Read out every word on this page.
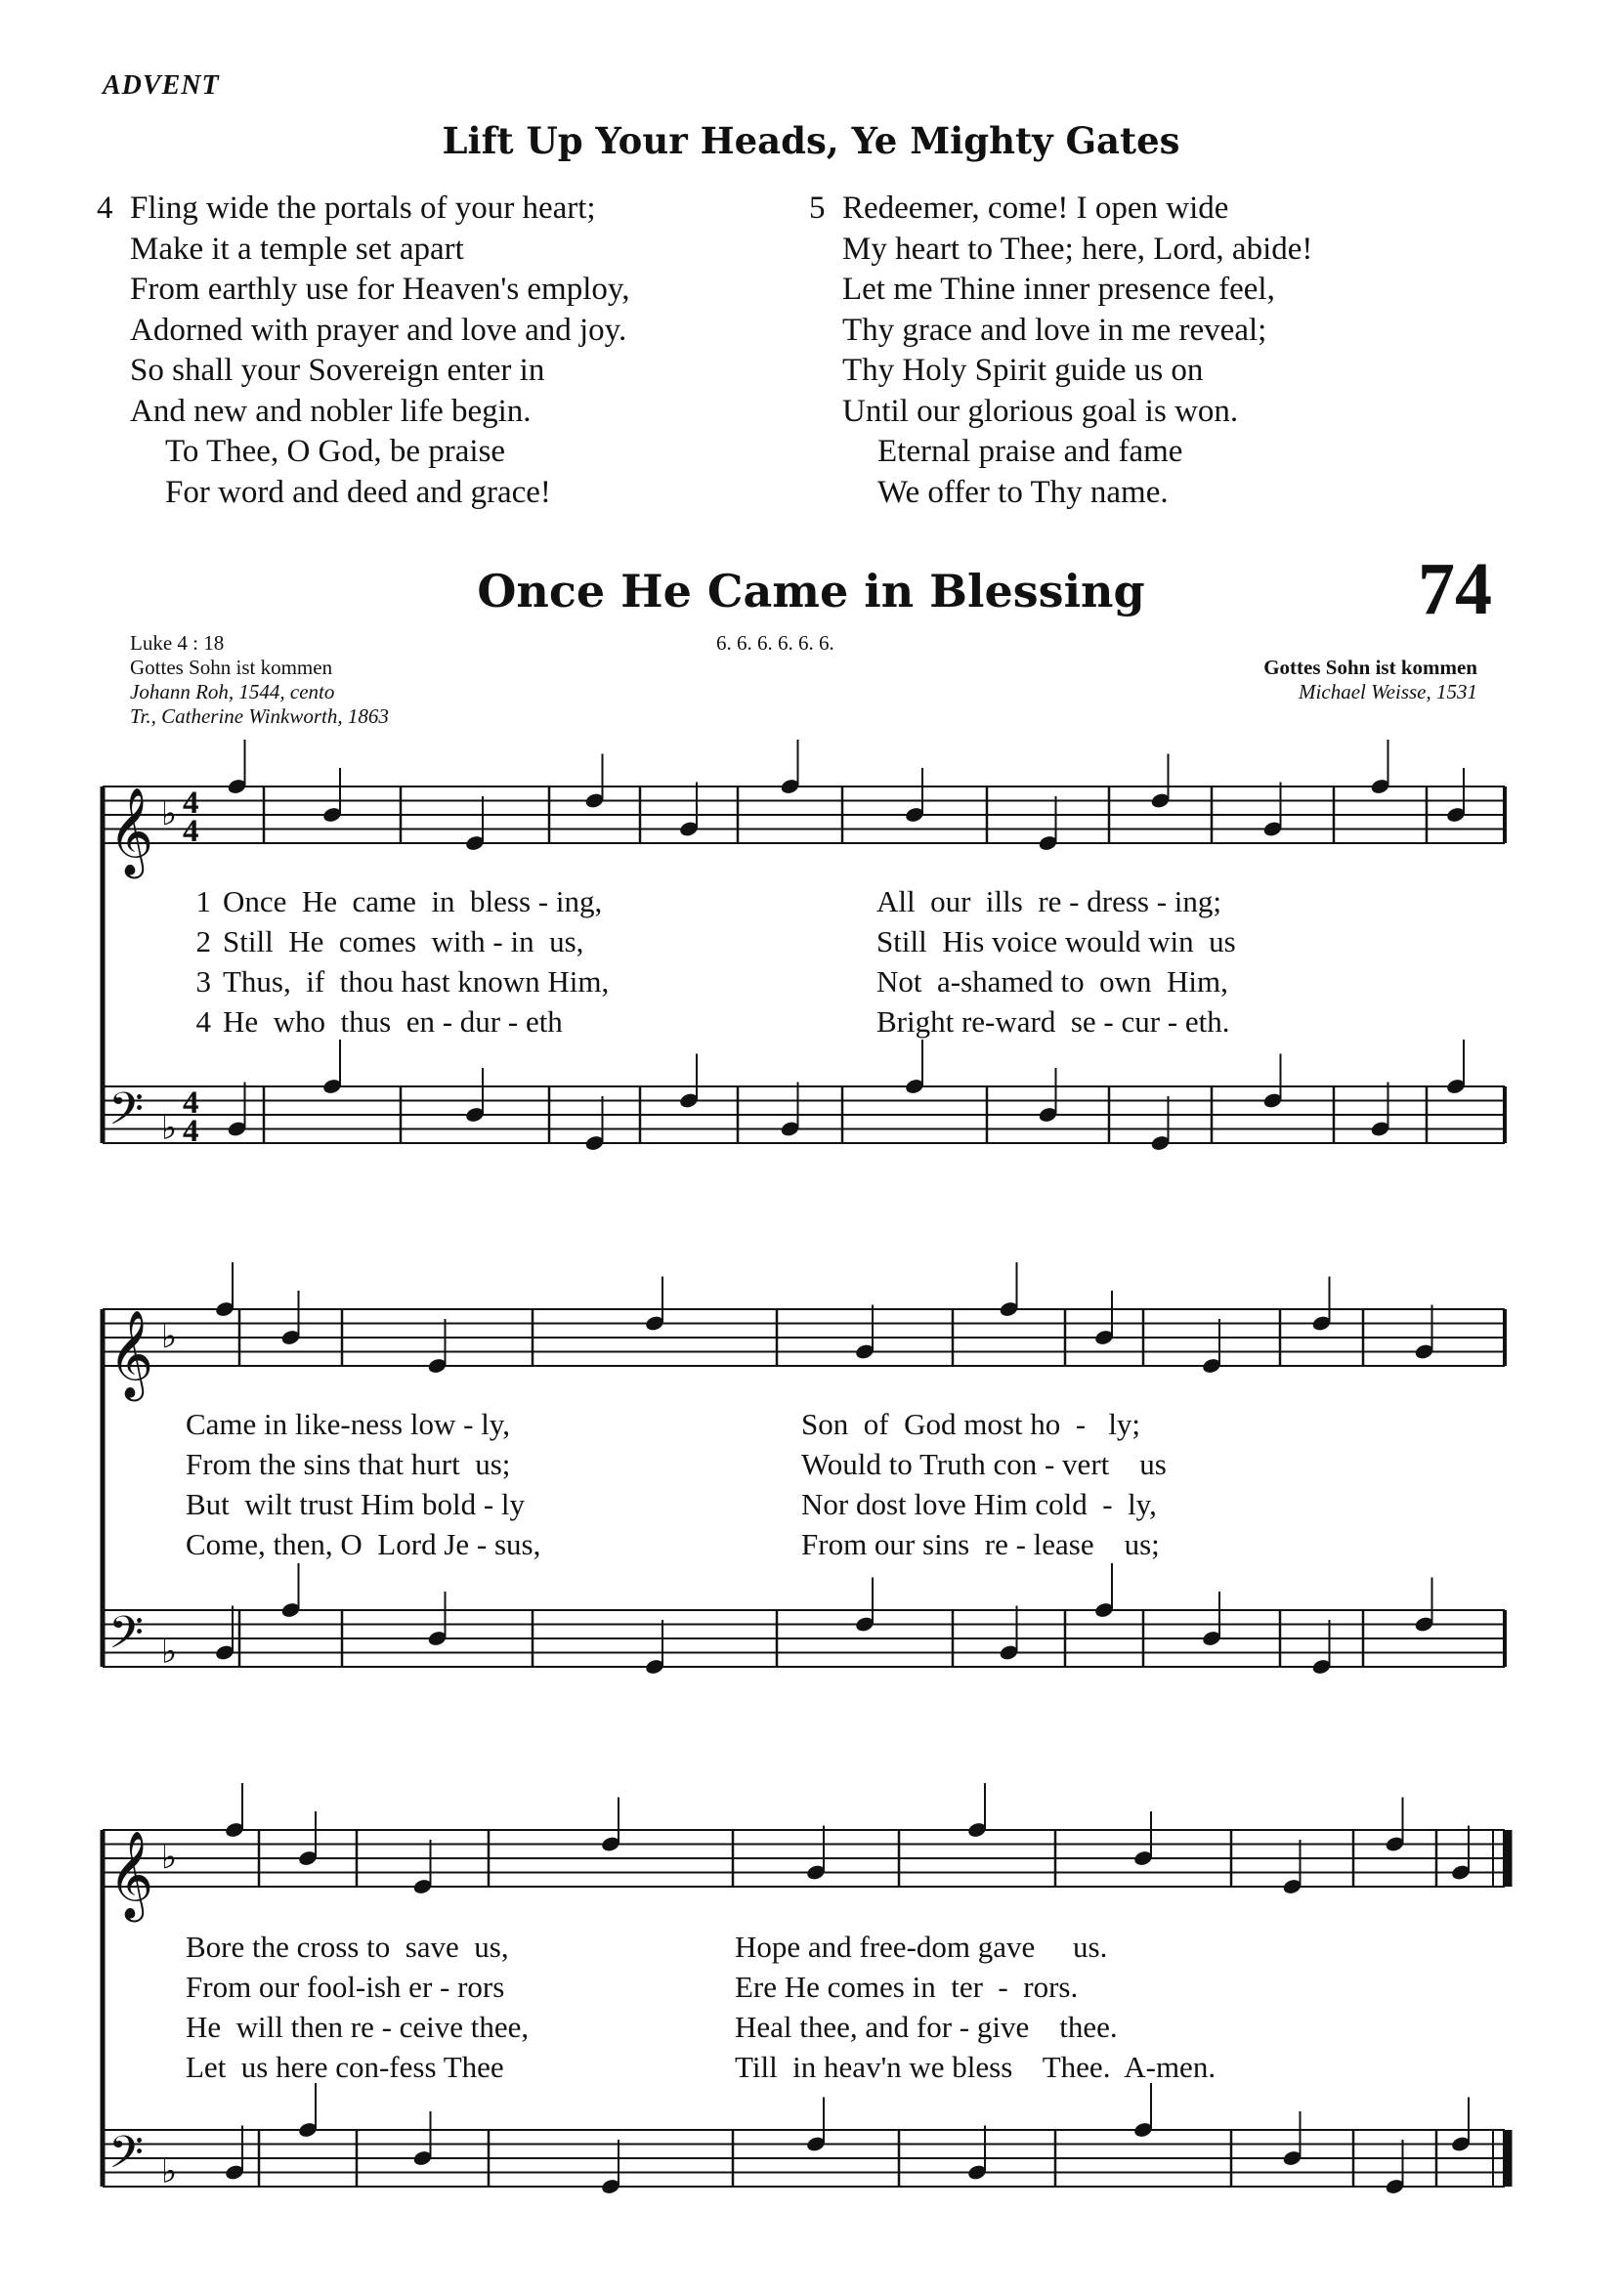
ADVENT
Lift Up Your Heads, Ye Mighty Gates
4 Fling wide the portals of your heart;
Make it a temple set apart
From earthly use for Heaven's employ,
Adorned with prayer and love and joy.
So shall your Sovereign enter in
And new and nobler life begin.
To Thee, O God, be praise
For word and deed and grace!
5 Redeemer, come! I open wide
My heart to Thee; here, Lord, abide!
Let me Thine inner presence feel,
Thy grace and love in me reveal;
Thy Holy Spirit guide us on
Until our glorious goal is won.
Eternal praise and fame
We offer to Thy name.
Once He Came in Blessing	74
Luke 4 : 18
Gottes Sohn ist kommen
Johann Roh, 1544, cento
Tr., Catherine Winkworth, 1863
6. 6. 6. 6. 6. 6.
Gottes Sohn ist kommen
Michael Weisse, 1531
𝄞 ♭ 4
4
𝄢 ♭
4
4
𝄞 ♭
𝄢 ♭
𝄞 ♭
𝄢 ♭
1 Once  He  came  in  bless - ing,
2 Still  He  comes  with - in  us,
3 Thus,  if  thou hast known Him,
4 He  who  thus  en - dur - eth
All  our  ills  re - dress - ing;
Still  His voice would win  us
Not  a-shamed to  own  Him,
Bright re-ward  se - cur - eth.
Came in like-ness low - ly,
From the sins that hurt  us;
But  wilt trust Him bold - ly
Come, then, O  Lord Je - sus,
Son  of  God most ho  -   ly;
Would to Truth con - vert    us
Nor dost love Him cold  -  ly,
From our sins  re - lease    us;
Bore the cross to  save  us,
From our fool-ish er - rors
He  will then re - ceive thee,
Let  us here con-fess Thee
Hope and free-dom gave     us.
Ere He comes in  ter  -  rors.
Heal thee, and for - give    thee.
Till  in heav'n we bless    Thee.  A-men.
